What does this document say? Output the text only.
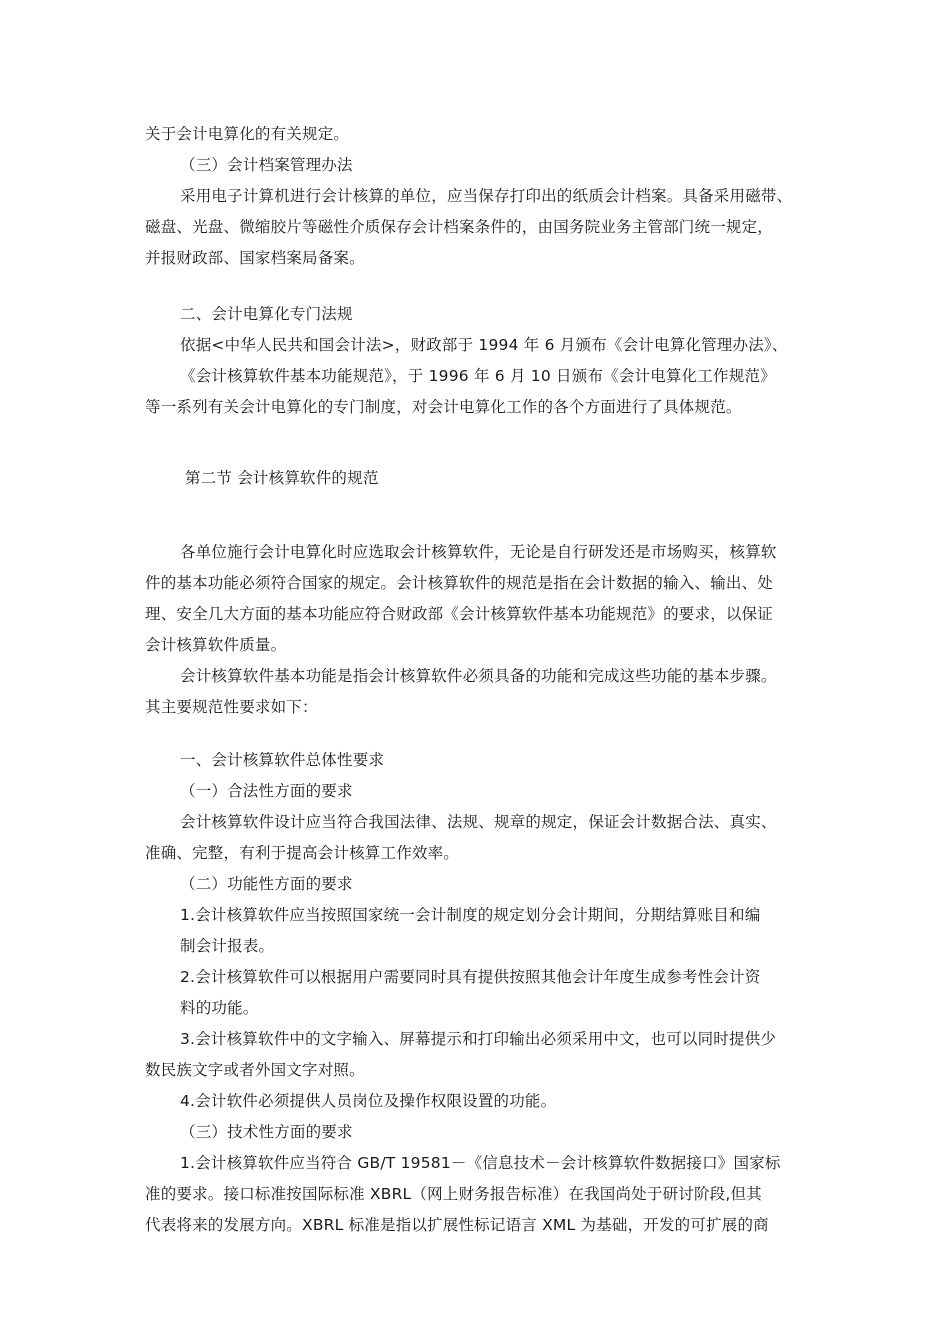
关于会计电算化的有关规定。
（三）会计档案管理办法
采用电子计算机进行会计核算的单位，应当保存打印出的纸质会计档案。具备采用磁带、
磁盘、光盘、微缩胶片等磁性介质保存会计档案条件的，由国务院业务主管部门统一规定，
并报财政部、国家档案局备案。
二、会计电算化专门法规
依据<中华人民共和国会计法>，财政部于 1994 年 6 月颁布《会计电算化管理办法》、
《会计核算软件基本功能规范》，于 1996 年 6 月 10 日颁布《会计电算化工作规范》
等一系列有关会计电算化的专门制度，对会计电算化工作的各个方面进行了具体规范。
第二节 会计核算软件的规范
各单位施行会计电算化时应选取会计核算软件，无论是自行研发还是市场购买，核算软
件的基本功能必须符合国家的规定。会计核算软件的规范是指在会计数据的输入、输出、处
理、安全几大方面的基本功能应符合财政部《会计核算软件基本功能规范》的要求，以保证
会计核算软件质量。
会计核算软件基本功能是指会计核算软件必须具备的功能和完成这些功能的基本步骤。
其主要规范性要求如下：
一、会计核算软件总体性要求
（一）合法性方面的要求
会计核算软件设计应当符合我国法律、法规、规章的规定，保证会计数据合法、真实、
准确、完整，有利于提高会计核算工作效率。
（二）功能性方面的要求
1.会计核算软件应当按照国家统一会计制度的规定划分会计期间，分期结算账目和编
制会计报表。
2.会计核算软件可以根据用户需要同时具有提供按照其他会计年度生成参考性会计资
料的功能。
3.会计核算软件中的文字输入、屏幕提示和打印输出必须采用中文，也可以同时提供少
数民族文字或者外国文字对照。
4.会计软件必须提供人员岗位及操作权限设置的功能。
（三）技术性方面的要求
1.会计核算软件应当符合 GB/T 19581－《信息技术－会计核算软件数据接口》国家标
准的要求。接口标准按国际标准 XBRL（网上财务报告标准）在我国尚处于研讨阶段,但其
代表将来的发展方向。XBRL 标准是指以扩展性标记语言 XML 为基础，开发的可扩展的商
